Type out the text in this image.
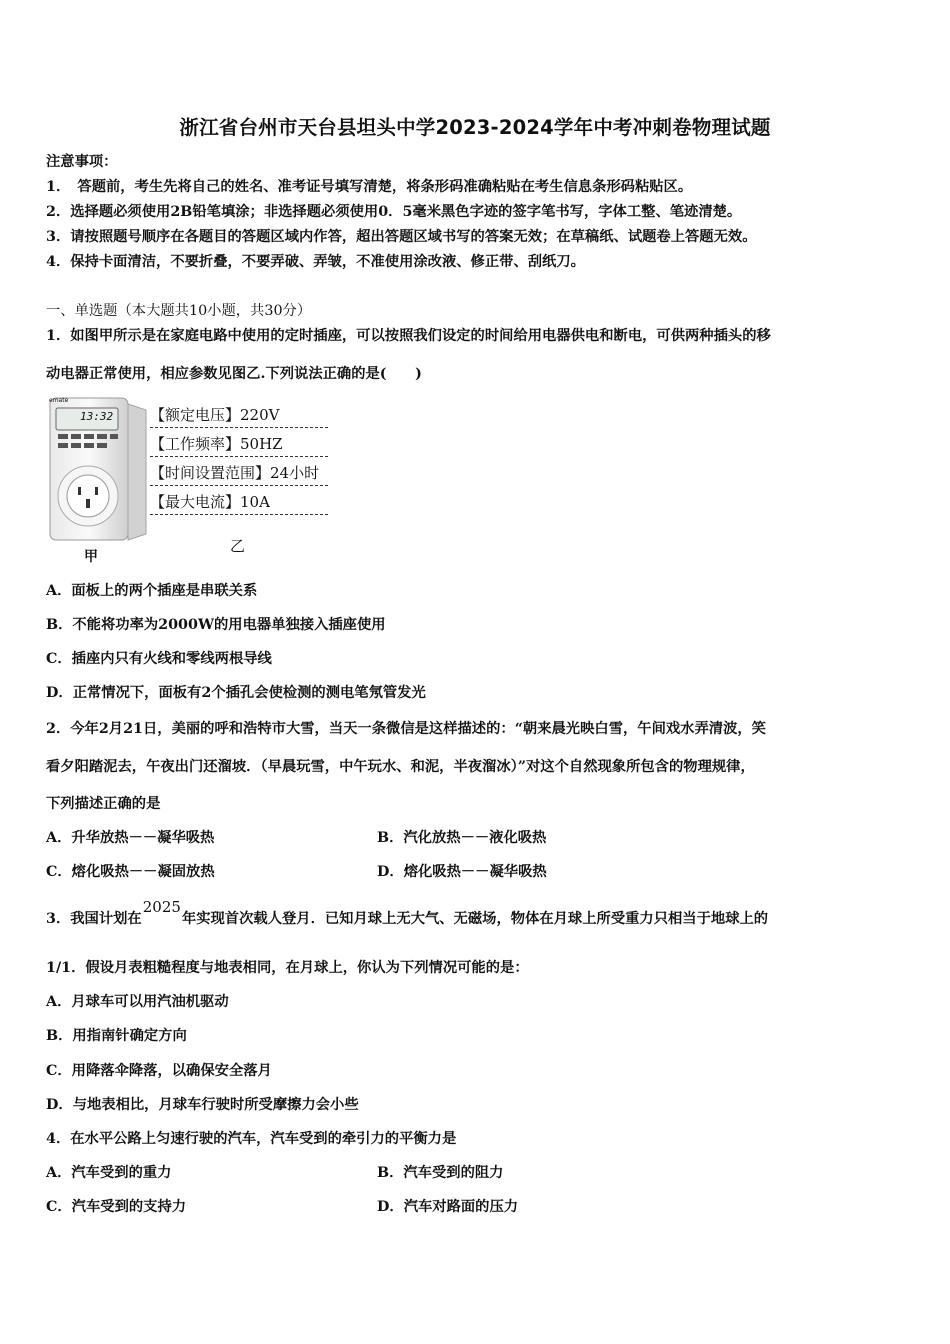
浙江省台州市天台县坦头中学2023-2024学年中考冲刺卷物理试题
注意事项：
1．　答题前，考生先将自己的姓名、准考证号填写清楚，将条形码准确粘贴在考生信息条形码粘贴区。
2．选择题必须使用2B铅笔填涂；非选择题必须使用0．5毫米黑色字迹的签字笔书写，字体工整、笔迹清楚。
3．请按照题号顺序在各题目的答题区域内作答，超出答题区域书写的答案无效；在草稿纸、试题卷上答题无效。
4．保持卡面清洁，不要折叠，不要弄破、弄皱，不准使用涂改液、修正带、刮纸刀。
一、单选题（本大题共10小题，共30分）
1．如图甲所示是在家庭电路中使用的定时插座，可以按照我们设定的时间给用电器供电和断电，可供两种插头的移
动电器正常使用，相应参数见图乙.下列说法正确的是(　　)
emate
13:32
甲
【额定电压】220V
【工作频率】50HZ
【时间设置范围】24小时
【最大电流】10A
乙
A．面板上的两个插座是串联关系
B．不能将功率为2000W的用电器单独接入插座使用
C．插座内只有火线和零线两根导线
D．正常情况下，面板有2个插孔会使检测的测电笔氖管发光
2．今年2月21日，美丽的呼和浩特市大雪，当天一条微信是这样描述的：“朝来晨光映白雪，午间戏水弄清波，笑
看夕阳踏泥去，午夜出门还溜坡．（早晨玩雪，中午玩水、和泥，半夜溜冰）”对这个自然现象所包含的物理规律，
下列描述正确的是
A．升华放热－－凝华吸热	B．汽化放热－－液化吸热
C．熔化吸热－－凝固放热	D．熔化吸热－－凝华吸热
3．我国计划在2025年实现首次载人登月．已知月球上无大气、无磁场，物体在月球上所受重力只相当于地球上的
1/1．假设月表粗糙程度与地表相同，在月球上，你认为下列情况可能的是：
A．月球车可以用汽油机驱动
B．用指南针确定方向
C．用降落伞降落，以确保安全落月
D．与地表相比，月球车行驶时所受摩擦力会小些
4．在水平公路上匀速行驶的汽车，汽车受到的牵引力的平衡力是
A．汽车受到的重力	B．汽车受到的阻力
C．汽车受到的支持力	D．汽车对路面的压力
